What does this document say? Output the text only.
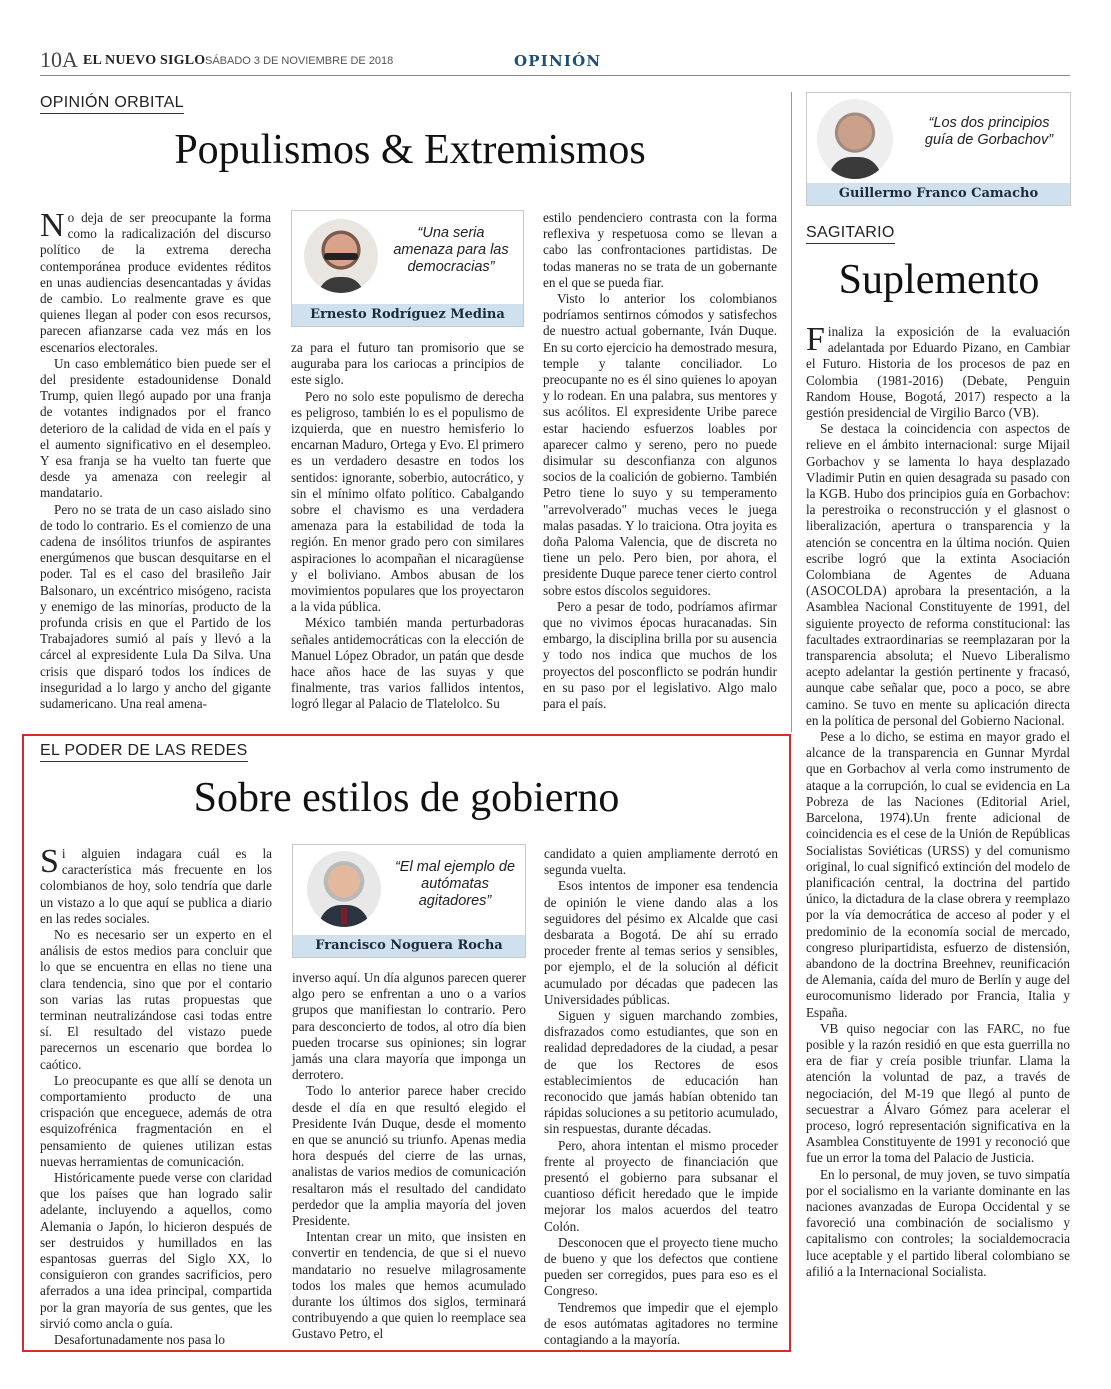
10A EL NUEVO SIGLO SÁBADO 3 DE NOVIEMBRE DE 2018	OPINIÓN
OPINIÓN ORBITAL
Populismos & Extremismos

No deja de ser preocupante la forma como la radicalización del discurso político de la extrema derecha contemporánea produce evidentes réditos en unas audiencias desencantadas y ávidas de cambio. Lo realmente grave es que quienes llegan al poder con esos recursos, parecen afianzarse cada vez más en los escenarios electorales.

Un caso emblemático bien puede ser el del presidente estadounidense Donald Trump, quien llegó aupado por una franja de votantes indignados por el franco deterioro de la calidad de vida en el país y el aumento significativo en el desempleo. Y esa franja se ha vuelto tan fuerte que desde ya amenaza con reelegir al mandatario.

Pero no se trata de un caso aislado sino de todo lo contrario. Es el comienzo de una cadena de insólitos triunfos de aspirantes energúmenos que buscan desquitarse en el poder. Tal es el caso del brasileño Jair Balsonaro, un excéntrico misógeno, racista y enemigo de las minorías, producto de la profunda crisis en que el Partido de los Trabajadores sumió al país y llevó a la cárcel al expresidente Lula Da Silva. Una crisis que disparó todos los índices de inseguridad a lo largo y ancho del gigante sudamericano. Una real amena-

“Una seria amenaza para las democracias”
Ernesto Rodríguez Medina

za para el futuro tan promisorio que se auguraba para los cariocas a principios de este siglo.

Pero no solo este populismo de derecha es peligroso, también lo es el populismo de izquierda, que en nuestro hemisferio lo encarnan Maduro, Ortega y Evo. El primero es un verdadero desastre en todos los sentidos: ignorante, soberbio, autocrático, y sin el mínimo olfato político. Cabalgando sobre el chavismo es una verdadera amenaza para la estabilidad de toda la región. En menor grado pero con similares aspiraciones lo acompañan el nicaragüense y el boliviano. Ambos abusan de los movimientos populares que los proyectaron a la vida pública.

México también manda perturbadoras señales antidemocráticas con la elección de Manuel López Obrador, un patán que desde hace años hace de las suyas y que finalmente, tras varios fallidos intentos, logró llegar al Palacio de Tlatelolco. Su

estilo pendenciero contrasta con la forma reflexiva y respetuosa como se llevan a cabo las confrontaciones partidistas. De todas maneras no se trata de un gobernante en el que se pueda fiar.

Visto lo anterior los colombianos podríamos sentirnos cómodos y satisfechos de nuestro actual gobernante, Iván Duque. En su corto ejercicio ha demostrado mesura, temple y talante conciliador. Lo preocupante no es él sino quienes lo apoyan y lo rodean. En una palabra, sus mentores y sus acólitos. El expresidente Uribe parece estar haciendo esfuerzos loables por aparecer calmo y sereno, pero no puede disimular su desconfianza con algunos socios de la coalición de gobierno. También Petro tiene lo suyo y su temperamento "arrevolverado" muchas veces le juega malas pasadas. Y lo traiciona. Otra joyita es doña Paloma Valencia, que de discreta no tiene un pelo. Pero bien, por ahora, el presidente Duque parece tener cierto control sobre estos díscolos seguidores.

Pero a pesar de todo, podríamos afirmar que no vivimos épocas huracanadas. Sin embargo, la disciplina brilla por su ausencia y todo nos indica que muchos de los proyectos del posconflicto se podrán hundir en su paso por el legislativo. Algo malo para el país.

EL PODER DE LAS REDES
Sobre estilos de gobierno

Si alguien indagara cuál es la característica más frecuente en los colombianos de hoy, solo tendría que darle un vistazo a lo que aquí se publica a diario en las redes sociales.

No es necesario ser un experto en el análisis de estos medios para concluir que lo que se encuentra en ellas no tiene una clara tendencia, sino que por el contario son varias las rutas propuestas que terminan neutralizándose casi todas entre sí. El resultado del vistazo puede parecernos un escenario que bordea lo caótico.

Lo preocupante es que allí se denota un comportamiento producto de una crispación que enceguece, además de otra esquizofrénica fragmentación en el pensamiento de quienes utilizan estas nuevas herramientas de comunicación.

Históricamente puede verse con claridad que los países que han logrado salir adelante, incluyendo a aquellos, como Alemania o Japón, lo hicieron después de ser destruidos y humillados en las espantosas guerras del Siglo XX, lo consiguieron con grandes sacrificios, pero aferrados a una idea principal, compartida por la gran mayoría de sus gentes, que les sirvió como ancla o guía.

Desafortunadamente nos pasa lo

“El mal ejemplo de autómatas agitadores”
Francisco Noguera Rocha

inverso aquí. Un día algunos parecen querer algo pero se enfrentan a uno o a varios grupos que manifiestan lo contrario. Pero para desconcierto de todos, al otro día bien pueden trocarse sus opiniones; sin lograr jamás una clara mayoría que imponga un derrotero.

Todo lo anterior parece haber crecido desde el día en que resultó elegido el Presidente Iván Duque, desde el momento en que se anunció su triunfo. Apenas media hora después del cierre de las urnas, analistas de varios medios de comunicación resaltaron más el resultado del candidato perdedor que la amplia mayoría del joven Presidente.

Intentan crear un mito, que insisten en convertir en tendencia, de que si el nuevo mandatario no resuelve milagrosamente todos los males que hemos acumulado durante los últimos dos siglos, terminará contribuyendo a que quien lo reemplace sea Gustavo Petro, el

candidato a quien ampliamente derrotó en segunda vuelta.

Esos intentos de imponer esa tendencia de opinión le viene dando alas a los seguidores del pésimo ex Alcalde que casi desbarata a Bogotá. De ahí su errado proceder frente al temas serios y sensibles, por ejemplo, el de la solución al déficit acumulado por décadas que padecen las Universidades públicas.

Siguen y siguen marchando zombies, disfrazados como estudiantes, que son en realidad depredadores de la ciudad, a pesar de que los Rectores de esos establecimientos de educación han reconocido que jamás habían obtenido tan rápidas soluciones a su petitorio acumulado, sin respuestas, durante décadas.

Pero, ahora intentan el mismo proceder frente al proyecto de financiación que presentó el gobierno para subsanar el cuantioso déficit heredado que le impide mejorar los malos acuerdos del teatro Colón.

Desconocen que el proyecto tiene mucho de bueno y que los defectos que contiene pueden ser corregidos, pues para eso es el Congreso.

Tendremos que impedir que el ejemplo de esos autómatas agitadores no termine contagiando a la mayoría.

“Los dos principios guía de Gorbachov”
Guillermo Franco Camacho
SAGITARIO
Suplemento

Finaliza la exposición de la evaluación adelantada por Eduardo Pizano, en Cambiar el Futuro. Historia de los procesos de paz en Colombia (1981-2016) (Debate, Penguin Random House, Bogotá, 2017) respecto a la gestión presidencial de Virgilio Barco (VB).

Se destaca la coincidencia con aspectos de relieve en el ámbito internacional: surge Mijail Gorbachov y se lamenta lo haya desplazado Vladimir Putin en quien desagrada su pasado con la KGB. Hubo dos principios guía en Gorbachov: la perestroika o reconstrucción y el glasnost o liberalización, apertura o transparencia y la atención se concentra en la última noción. Quien escribe logró que la extinta Asociación Colombiana de Agentes de Aduana (ASOCOLDA) aprobara la presentación, a la Asamblea Nacional Constituyente de 1991, del siguiente proyecto de reforma constitucional: las facultades extraordinarias se reemplazaran por la transparencia absoluta; el Nuevo Liberalismo acepto adelantar la gestión pertinente y fracasó, aunque cabe señalar que, poco a poco, se abre camino. Se tuvo en mente su aplicación directa en la política de personal del Gobierno Nacional.

Pese a lo dicho, se estima en mayor grado el alcance de la transparencia en Gunnar Myrdal que en Gorbachov al verla como instrumento de ataque a la corrupción, lo cual se evidencia en La Pobreza de las Naciones (Editorial Ariel, Barcelona, 1974).Un frente adicional de coincidencia es el cese de la Unión de Repúblicas Socialistas Soviéticas (URSS) y del comunismo original, lo cual significó extinción del modelo de planificación central, la doctrina del partido único, la dictadura de la clase obrera y reemplazo por la vía democrática de acceso al poder y el predominio de la economía social de mercado, congreso pluripartidista, esfuerzo de distensión, abandono de la doctrina Breehnev, reunificación de Alemania, caída del muro de Berlín y auge del eurocomunismo liderado por Francia, Italia y España.

VB quiso negociar con las FARC, no fue posible y la razón residió en que esta guerrilla no era de fiar y creía posible triunfar. Llama la atención la voluntad de paz, a través de negociación, del M-19 que llegó al punto de secuestrar a Álvaro Gómez para acelerar el proceso, logró representación significativa en la Asamblea Constituyente de 1991 y reconoció que fue un error la toma del Palacio de Justicia.

En lo personal, de muy joven, se tuvo simpatía por el socialismo en la variante dominante en las naciones avanzadas de Europa Occidental y se favoreció una combinación de socialismo y capitalismo con controles; la socialdemocracia luce aceptable y el partido liberal colombiano se afilió a la Internacional Socialista.
